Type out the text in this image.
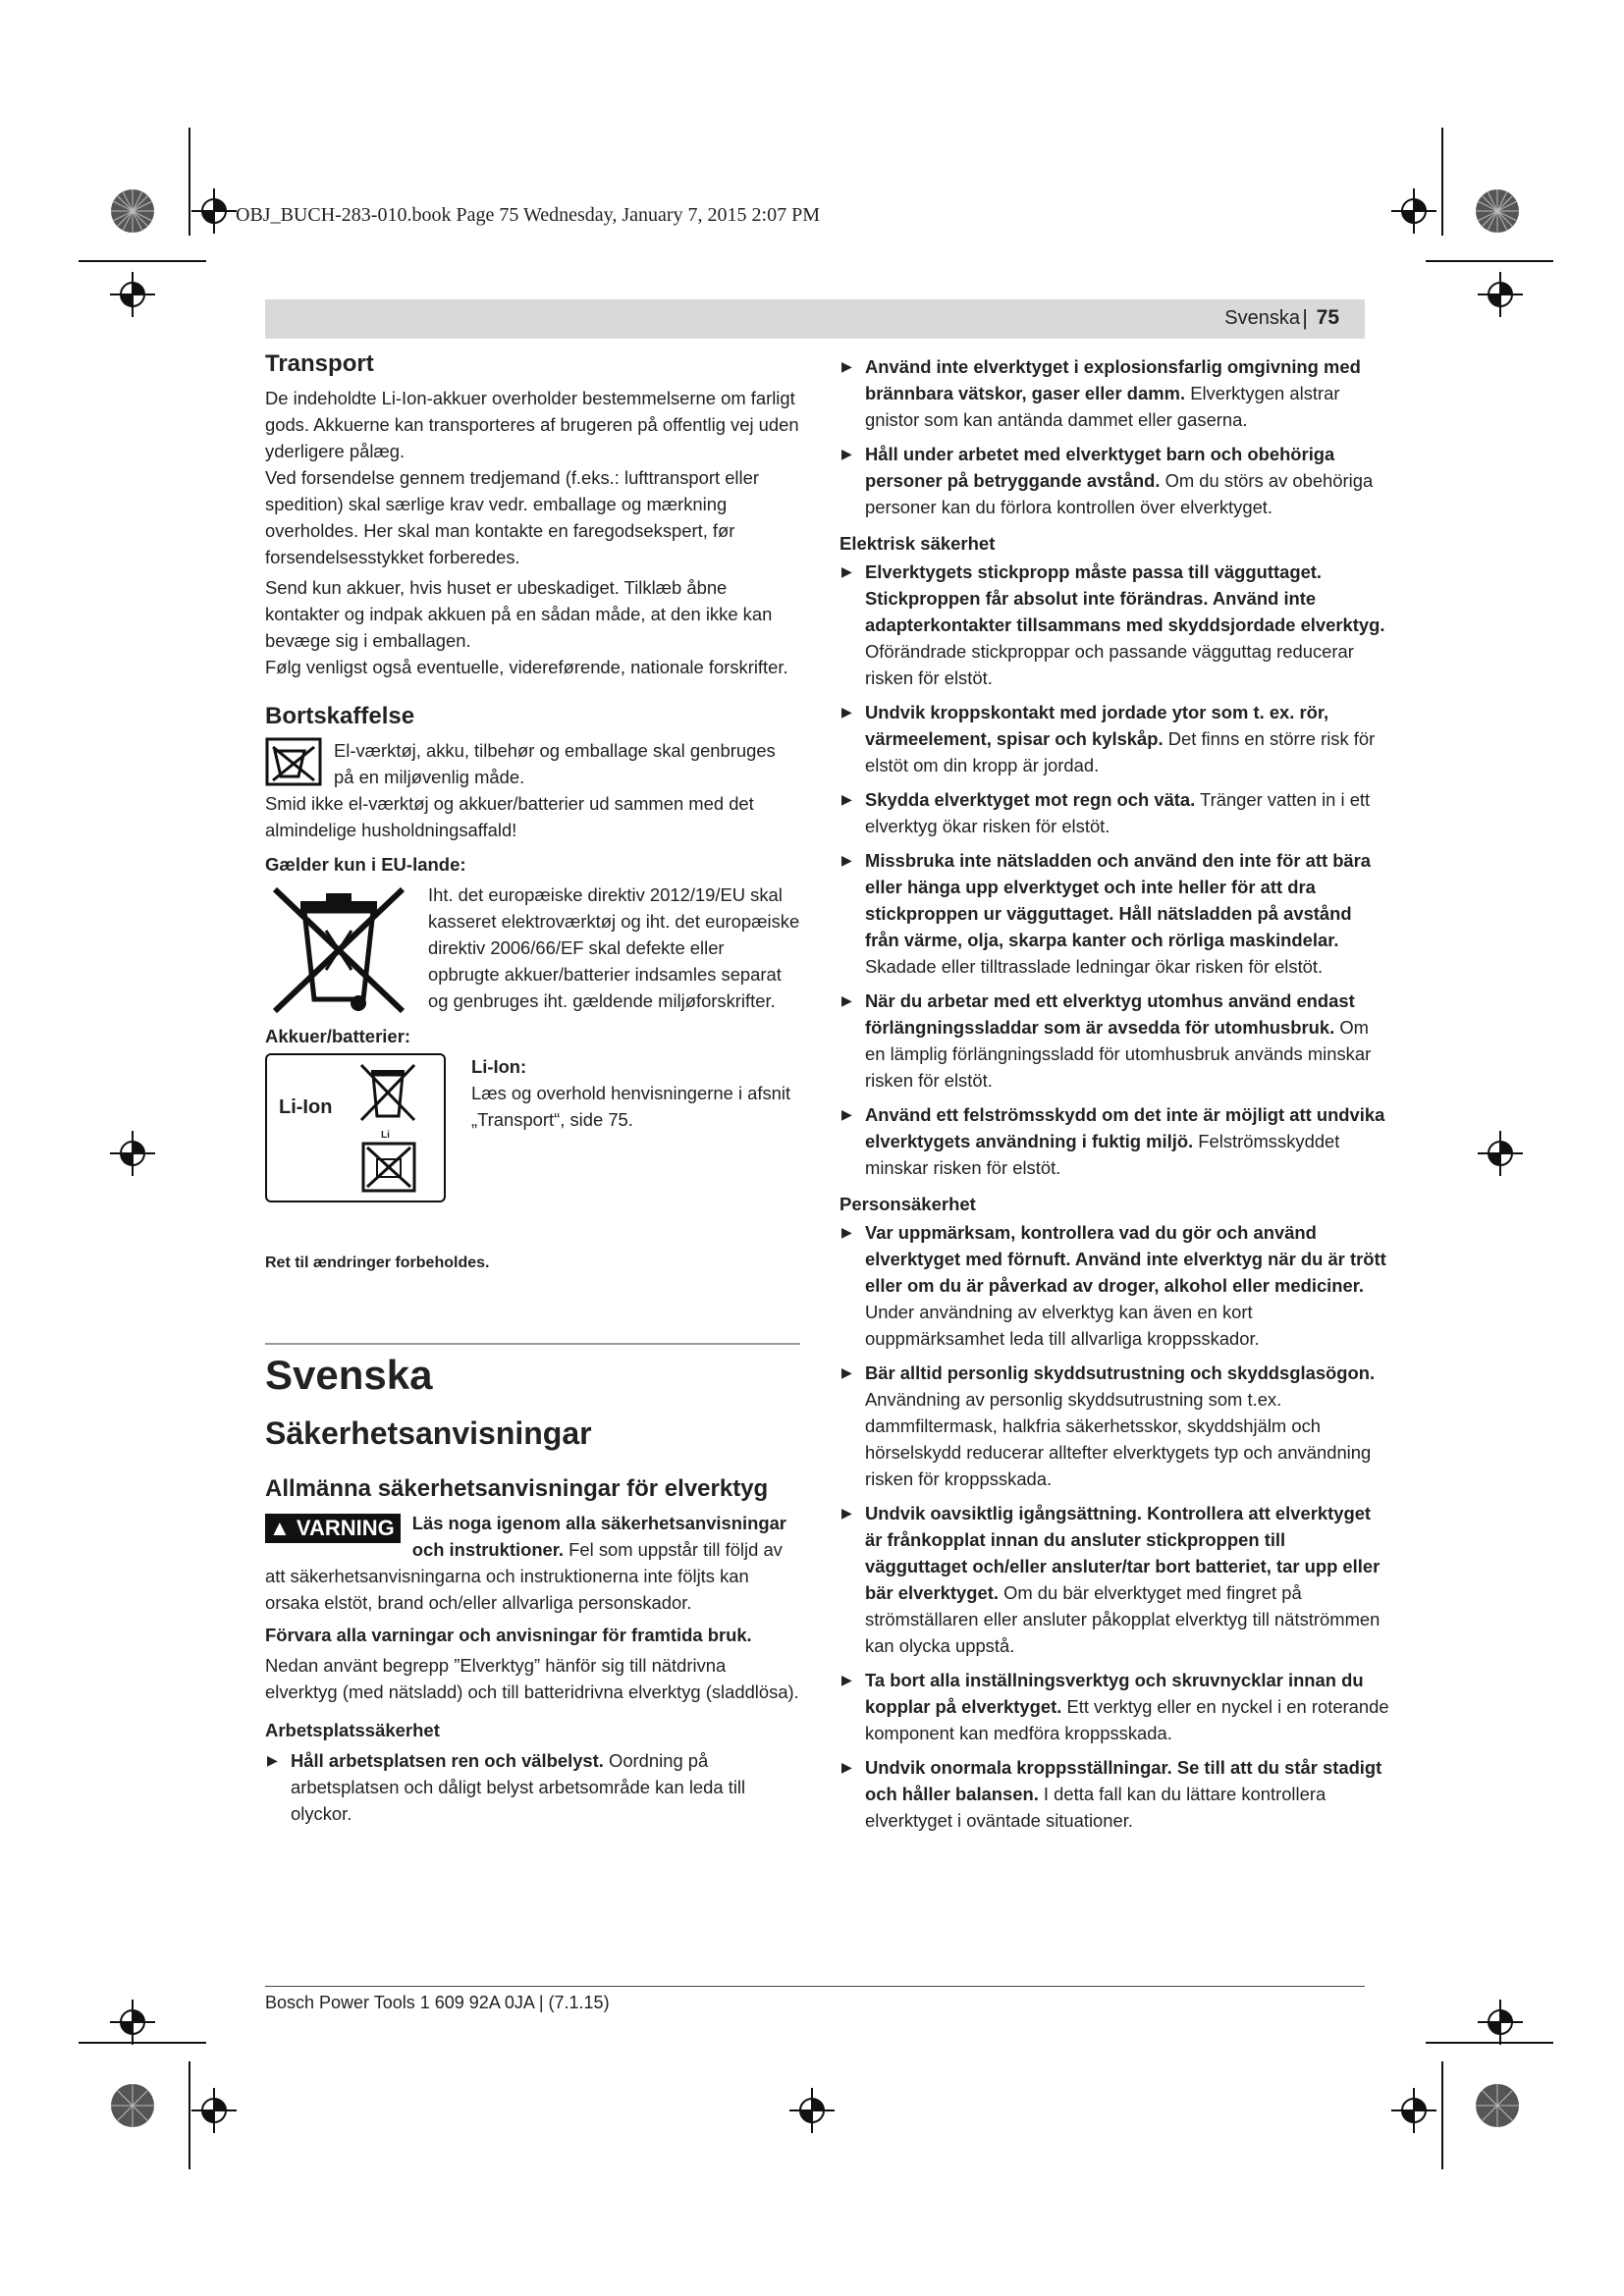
OBJ_BUCH-283-010.book Page 75 Wednesday, January 7, 2015 2:07 PM
Svenska | 75
Transport

De indeholdte Li-Ion-akkuer overholder bestemmelserne om farligt gods. Akkuerne kan transporteres af brugeren på offentlig vej uden yderligere pålæg.

Ved forsendelse gennem tredjemand (f.eks.: lufttransport eller spedition) skal særlige krav vedr. emballage og mærkning overholdes. Her skal man kontakte en faregodsekspert, før forsendelsesstykket forberedes.

Send kun akkuer, hvis huset er ubeskadiget. Tilklæb åbne kontakter og indpak akkuen på en sådan måde, at den ikke kan bevæge sig i emballagen.

Følg venligst også eventuelle, videreførende, nationale forskrifter.

Bortskaffelse

El-værktøj, akku, tilbehør og emballage skal genbruges på en miljøvenlig måde.

Smid ikke el-værktøj og akkuer/batterier ud sammen med det almindelige husholdningsaffald!

Gælder kun i EU-lande:

Iht. det europæiske direktiv 2012/19/EU skal kasseret elektroværktøj og iht. det europæiske direktiv 2006/66/EF skal defekte eller opbrugte akkuer/batterier indsamles separat og genbruges iht. gældende miljøforskrifter.

Akkuer/batterier:
Li-Ion
Li
Li-Ion:

Læs og overhold henvisningerne i afsnit „Transport“, side 75.

Ret til ændringer forbeholdes.

Svenska
Säkerhetsanvisningar
Allmänna säkerhetsanvisningar för elverktyg

▲ VARNING Läs noga igenom alla säkerhetsanvisningar och instruktioner. Fel som uppstår till följd av att säkerhetsanvisningarna och instruktionerna inte följts kan orsaka elstöt, brand och/eller allvarliga personskador.

Förvara alla varningar och anvisningar för framtida bruk.

Nedan använt begrepp ”Elverktyg” hänför sig till nätdrivna elverktyg (med nätsladd) och till batteridrivna elverktyg (sladdlösa).

Arbetsplatssäkerhet
▶ Håll arbetsplatsen ren och välbelyst. Oordning på arbetsplatsen och dåligt belyst arbetsområde kan leda till olyckor.
▶ Använd inte elverktyget i explosionsfarlig omgivning med brännbara vätskor, gaser eller damm. Elverktygen alstrar gnistor som kan antända dammet eller gaserna.
▶ Håll under arbetet med elverktyget barn och obehöriga personer på betryggande avstånd. Om du störs av obehöriga personer kan du förlora kontrollen över elverktyget.
Elektrisk säkerhet
▶ Elverktygets stickpropp måste passa till vägguttaget. Stickproppen får absolut inte förändras. Använd inte adapterkontakter tillsammans med skyddsjordade elverktyg. Oförändrade stickproppar och passande vägguttag reducerar risken för elstöt.
▶ Undvik kroppskontakt med jordade ytor som t. ex. rör, värmeelement, spisar och kylskåp. Det finns en större risk för elstöt om din kropp är jordad.
▶ Skydda elverktyget mot regn och väta. Tränger vatten in i ett elverktyg ökar risken för elstöt.
▶ Missbruka inte nätsladden och använd den inte för att bära eller hänga upp elverktyget och inte heller för att dra stickproppen ur vägguttaget. Håll nätsladden på avstånd från värme, olja, skarpa kanter och rörliga maskindelar. Skadade eller tilltrasslade ledningar ökar risken för elstöt.
▶ När du arbetar med ett elverktyg utomhus använd endast förlängningssladdar som är avsedda för utomhusbruk. Om en lämplig förlängningssladd för utomhusbruk används minskar risken för elstöt.
▶ Använd ett felströmsskydd om det inte är möjligt att undvika elverktygets användning i fuktig miljö. Felströmsskyddet minskar risken för elstöt.
Personsäkerhet
▶ Var uppmärksam, kontrollera vad du gör och använd elverktyget med förnuft. Använd inte elverktyg när du är trött eller om du är påverkad av droger, alkohol eller mediciner. Under användning av elverktyg kan även en kort ouppmärksamhet leda till allvarliga kroppsskador.
▶ Bär alltid personlig skyddsutrustning och skyddsglasögon. Användning av personlig skyddsutrustning som t.ex. dammfiltermask, halkfria säkerhetsskor, skyddshjälm och hörselskydd reducerar alltefter elverktygets typ och användning risken för kroppsskada.
▶ Undvik oavsiktlig igångsättning. Kontrollera att elverktyget är frånkopplat innan du ansluter stickproppen till vägguttaget och/eller ansluter/tar bort batteriet, tar upp eller bär elverktyget. Om du bär elverktyget med fingret på strömställaren eller ansluter påkopplat elverktyg till nätströmmen kan olycka uppstå.
▶ Ta bort alla inställningsverktyg och skruvnycklar innan du kopplar på elverktyget. Ett verktyg eller en nyckel i en roterande komponent kan medföra kroppsskada.
▶ Undvik onormala kroppsställningar. Se till att du står stadigt och håller balansen. I detta fall kan du lättare kontrollera elverktyget i oväntade situationer.
Bosch Power Tools 1 609 92A 0JA | (7.1.15)
